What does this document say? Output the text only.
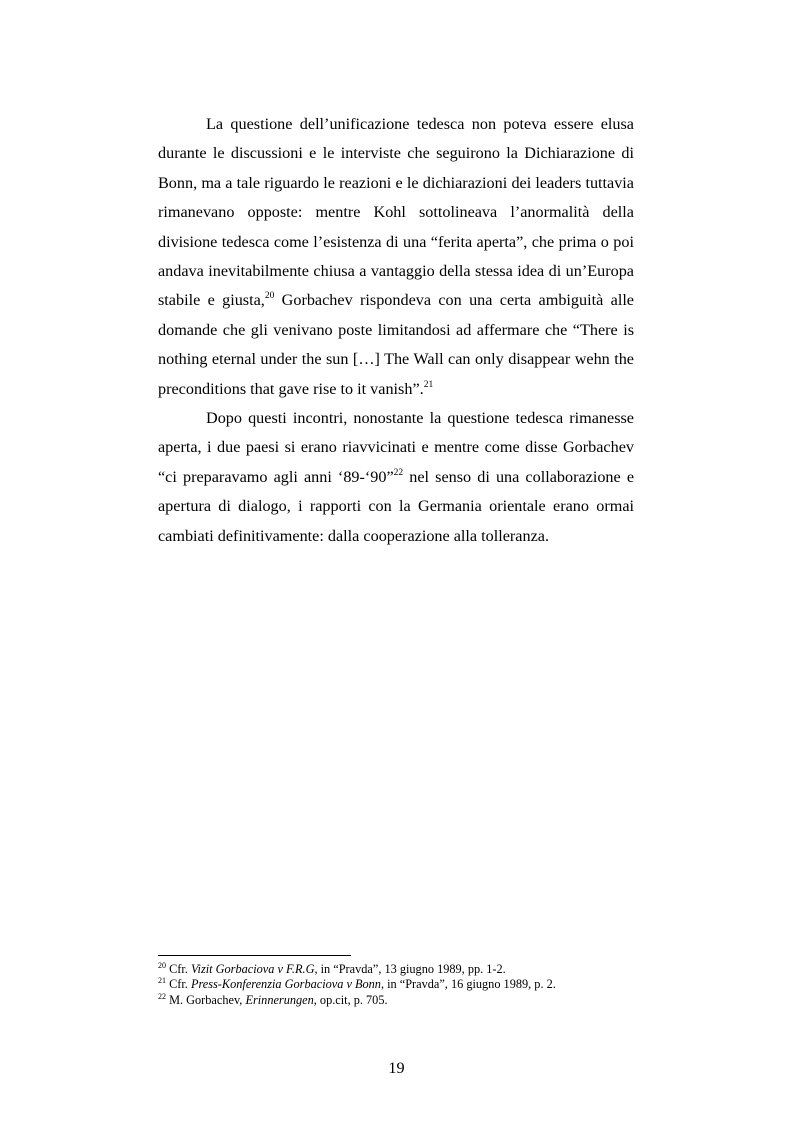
La questione dell’unificazione tedesca non poteva essere elusa durante le discussioni e le interviste che seguirono la Dichiarazione di Bonn, ma a tale riguardo le reazioni e le dichiarazioni dei leaders tuttavia rimanevano opposte: mentre Kohl sottolineava l’anormalità della divisione tedesca come l’esistenza di una “ferita aperta”, che prima o poi andava inevitabilmente chiusa a vantaggio della stessa idea di un’Europa stabile e giusta,$^{20}$ Gorbachev rispondeva con una certa ambiguità alle domande che gli venivano poste limitandosi ad affermare che “There is nothing eternal under the sun […] The Wall can only disappear wehn the preconditions that gave rise to it vanish”.$^{21}$

Dopo questi incontri, nonostante la questione tedesca rimanesse aperta, i due paesi si erano riavvicinati e mentre come disse Gorbachev “ci preparavamo agli anni ‘89-‘90”$^{22}$ nel senso di una collaborazione e apertura di dialogo, i rapporti con la Germania orientale erano ormai cambiati definitivamente: dalla cooperazione alla tolleranza.

$^{20}$ Cfr. Vizit Gorbaciova v F.R.G, in “Pravda”, 13 giugno 1989, pp. 1-2.
$^{21}$ Cfr. Press-Konferenzia Gorbaciova v Bonn, in “Pravda”, 16 giugno 1989, p. 2.
$^{22}$ M. Gorbachev, Erinnerungen, op.cit, p. 705.
19
